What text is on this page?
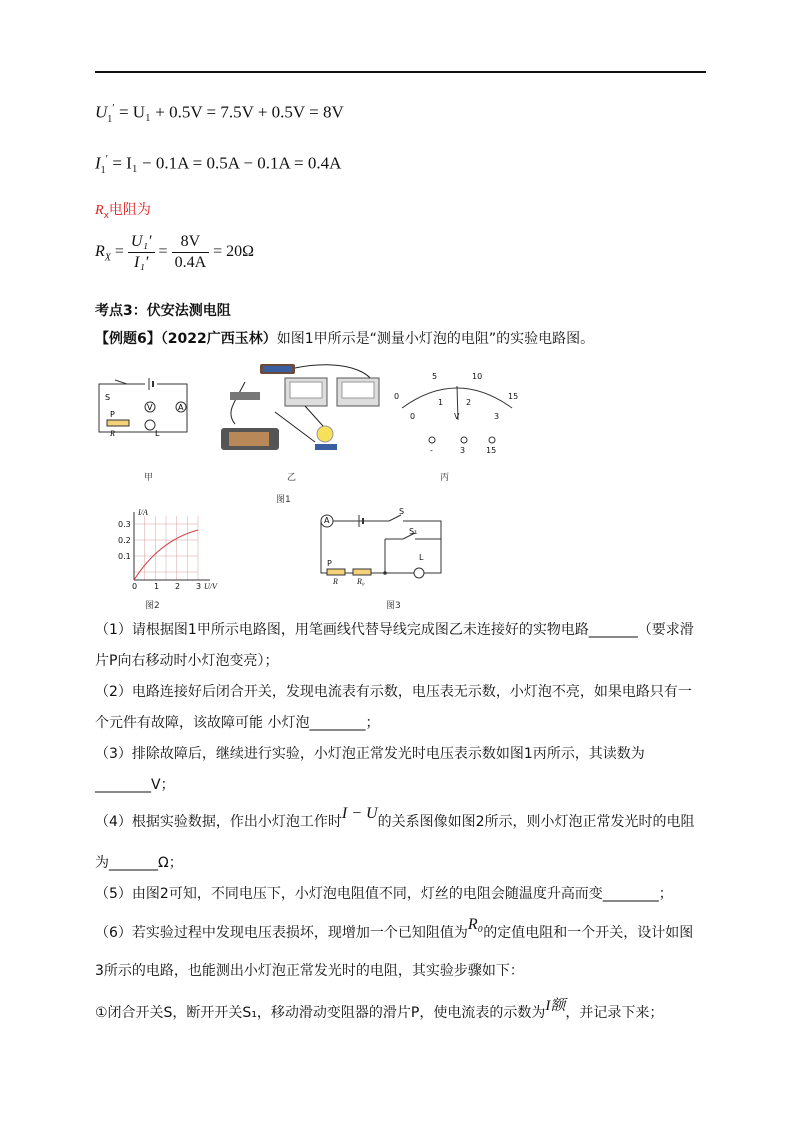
$U_1' = U_1 + 0.5V = 7.5V + 0.5V = 8V$
$I_1' = I_1 - 0.1A = 0.5A - 0.1A = 0.4A$
$R_x$电阻为
$R_X = \frac{\text{U₁′}}{\text{I₁′}} = \frac{8V}{0.4A} = 20\Omega$
考点3：伏安法测电阻
【例题6】（2022广西玉林）如图1甲所示是“测量小灯泡的电阻”的实验电路图。
S
P
R
V	A
L
甲	乙
0
5	10
15
0
1	2
3
V
-	3	15
丙
图1
I/A
0.3
0.2
0.1
0 1 2 3 U/V
图2
A
S
S₁
L
P
R R₀
图3
（1）请根据图1甲所示电路图，用笔画线代替导线完成图乙未连接好的实物电路_______（要求滑
片P向右移动时小灯泡变亮）；
（2）电路连接好后闭合开关，发现电流表有示数，电压表无示数，小灯泡不亮，如果电路只有一
个元件有故障，该故障可能 小灯泡________；
（3）排除故障后，继续进行实验，小灯泡正常发光时电压表示数如图1丙所示，其读数为
________V；
（4）根据实验数据，作出小灯泡工作时I − U的关系图像如图2所示，则小灯泡正常发光时的电阻
为_______Ω；
（5）由图2可知，不同电压下，小灯泡电阻值不同，灯丝的电阻会随温度升高而变________；
（6）若实验过程中发现电压表损坏，现增加一个已知阻值为R₀的定值电阻和一个开关，设计如图
3所示的电路，也能测出小灯泡正常发光时的电阻，其实验步骤如下：
①闭合开关S，断开开关S₁，移动滑动变阻器的滑片P，使电流表的示数为I额，并记录下来；
